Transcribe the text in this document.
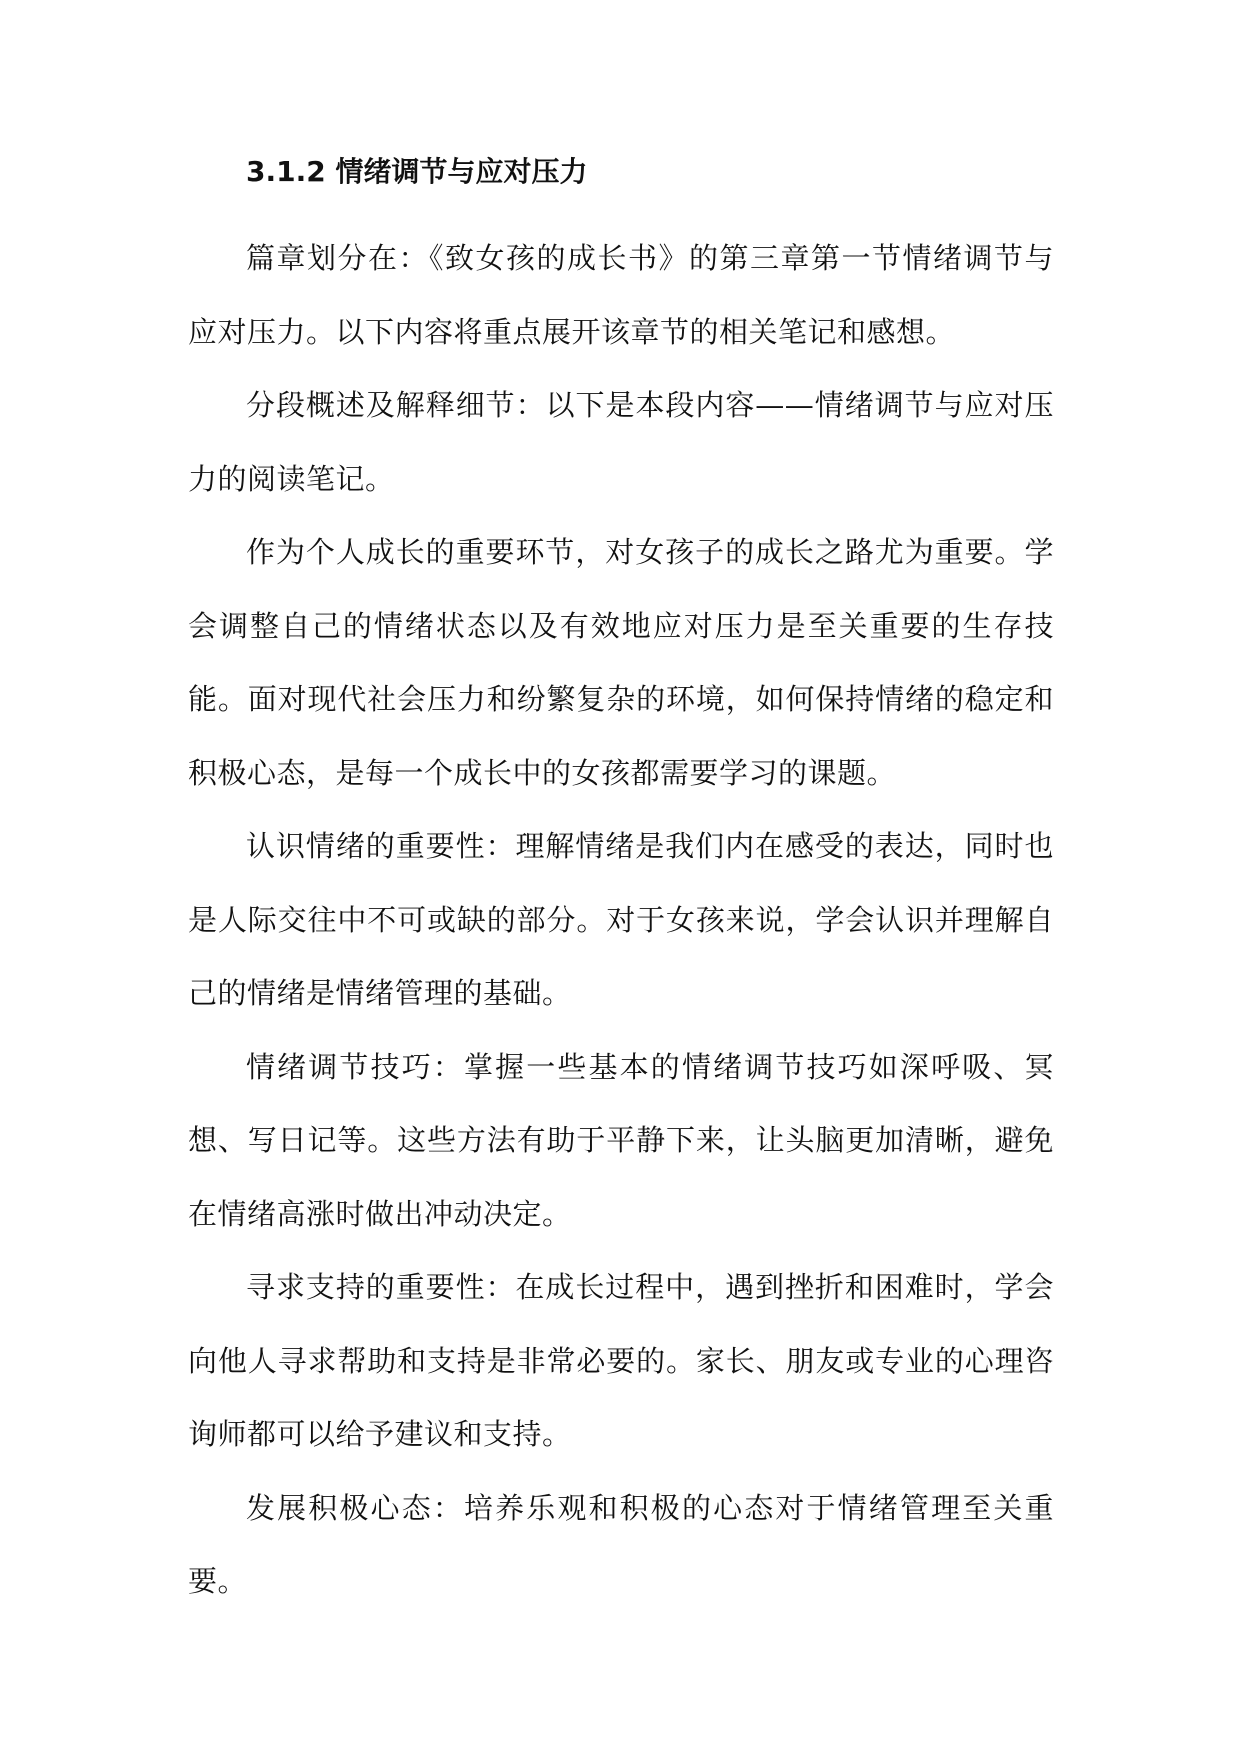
3.1.2 情绪调节与应对压力

篇章划分在：《致女孩的成长书》的第三章第一节情绪调节与应对压力。以下内容将重点展开该章节的相关笔记和感想。

分段概述及解释细节：以下是本段内容——情绪调节与应对压力的阅读笔记。

作为个人成长的重要环节，对女孩子的成长之路尤为重要。学会调整自己的情绪状态以及有效地应对压力是至关重要的生存技能。面对现代社会压力和纷繁复杂的环境，如何保持情绪的稳定和积极心态，是每一个成长中的女孩都需要学习的课题。

认识情绪的重要性：理解情绪是我们内在感受的表达，同时也是人际交往中不可或缺的部分。对于女孩来说，学会认识并理解自己的情绪是情绪管理的基础。

情绪调节技巧：掌握一些基本的情绪调节技巧如深呼吸、冥想、写日记等。这些方法有助于平静下来，让头脑更加清晰，避免在情绪高涨时做出冲动决定。

寻求支持的重要性：在成长过程中，遇到挫折和困难时，学会向他人寻求帮助和支持是非常必要的。家长、朋友或专业的心理咨询师都可以给予建议和支持。

发展积极心态：培养乐观和积极的心态对于情绪管理至关重要。
